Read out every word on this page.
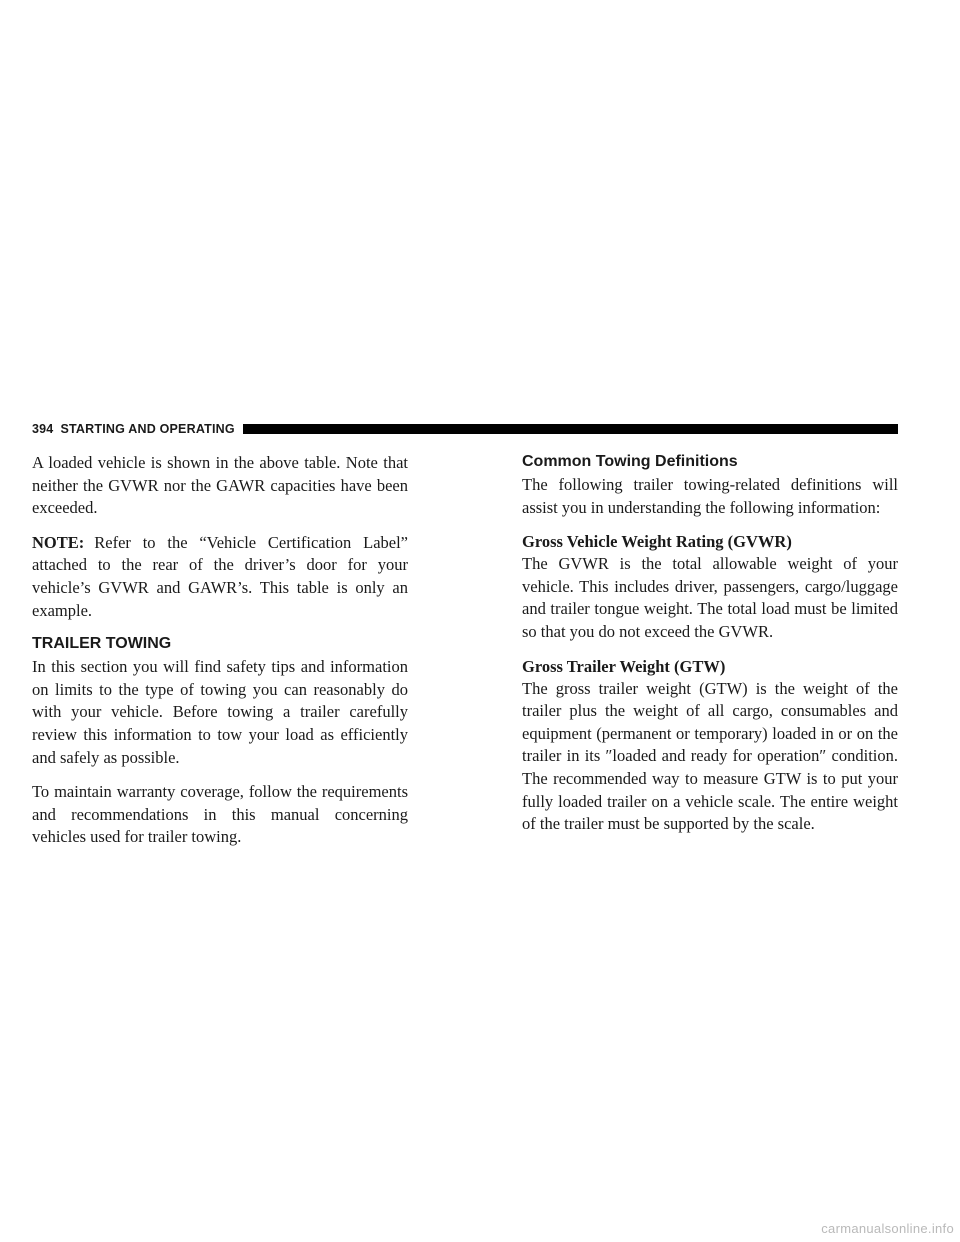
394 STARTING AND OPERATING

A loaded vehicle is shown in the above table. Note that neither the GVWR nor the GAWR capacities have been exceeded.

NOTE: Refer to the “Vehicle Certification Label” attached to the rear of the driver’s door for your vehicle’s GVWR and GAWR’s. This table is only an example.

TRAILER TOWING

In this section you will find safety tips and information on limits to the type of towing you can reasonably do with your vehicle. Before towing a trailer carefully review this information to tow your load as efficiently and safely as possible.

To maintain warranty coverage, follow the requirements and recommendations in this manual concerning vehicles used for trailer towing.

Common Towing Definitions

The following trailer towing-related definitions will assist you in understanding the following information:

Gross Vehicle Weight Rating (GVWR)

The GVWR is the total allowable weight of your vehicle. This includes driver, passengers, cargo/luggage and trailer tongue weight. The total load must be limited so that you do not exceed the GVWR.

Gross Trailer Weight (GTW)

The gross trailer weight (GTW) is the weight of the trailer plus the weight of all cargo, consumables and equipment (permanent or temporary) loaded in or on the trailer in its ″loaded and ready for operation″ condition. The recommended way to measure GTW is to put your fully loaded trailer on a vehicle scale. The entire weight of the trailer must be supported by the scale.

carmanualsonline.info
